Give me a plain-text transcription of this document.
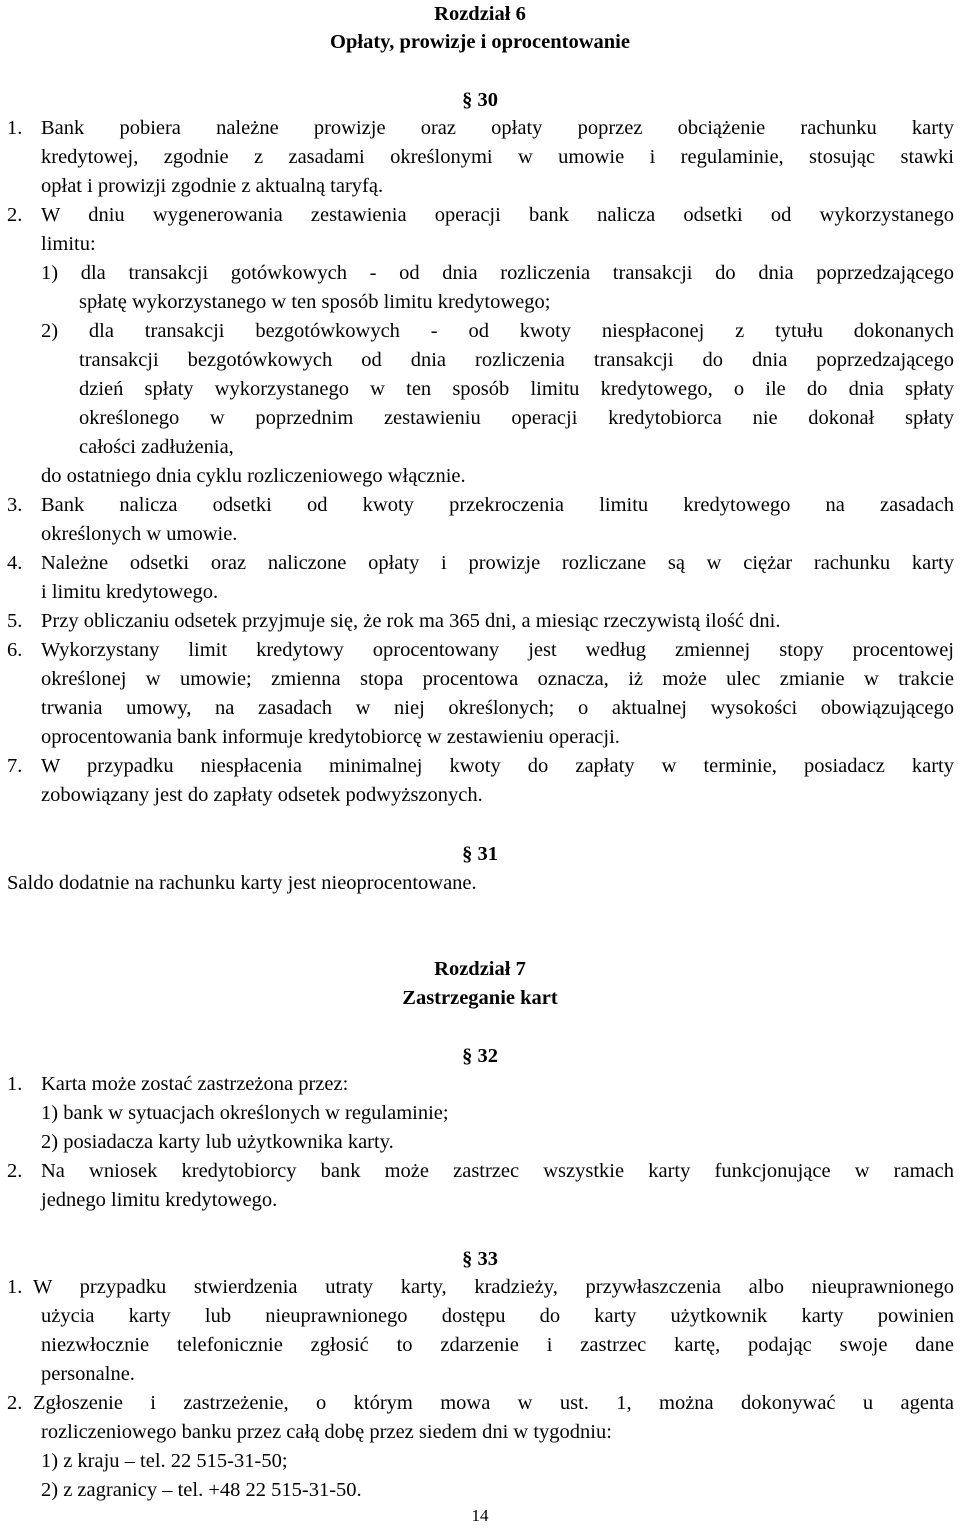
Rozdział 6
Opłaty, prowizje i oprocentowanie
§ 30
1. Bank pobiera należne prowizje oraz opłaty poprzez obciążenie rachunku karty
kredytowej, zgodnie z zasadami określonymi w umowie i regulaminie, stosując stawki
opłat i prowizji zgodnie z aktualną taryfą.
2. W dniu wygenerowania zestawienia operacji bank nalicza odsetki od wykorzystanego
limitu:
1) dla transakcji gotówkowych - od dnia rozliczenia transakcji do dnia poprzedzającego
spłatę wykorzystanego w ten sposób limitu kredytowego;
2) dla transakcji bezgotówkowych - od kwoty niespłaconej z tytułu dokonanych
transakcji bezgotówkowych od dnia rozliczenia transakcji do dnia poprzedzającego
dzień spłaty wykorzystanego w ten sposób limitu kredytowego, o ile do dnia spłaty
określonego w poprzednim zestawieniu operacji kredytobiorca nie dokonał spłaty
całości zadłużenia,
do ostatniego dnia cyklu rozliczeniowego włącznie.
3. Bank nalicza odsetki od kwoty przekroczenia limitu kredytowego na zasadach
określonych w umowie.
4. Należne odsetki oraz naliczone opłaty i prowizje rozliczane są w ciężar rachunku karty
i limitu kredytowego.
5. Przy obliczaniu odsetek przyjmuje się, że rok ma 365 dni, a miesiąc rzeczywistą ilość dni.
6. Wykorzystany limit kredytowy oprocentowany jest według zmiennej stopy procentowej
określonej w umowie; zmienna stopa procentowa oznacza, iż może ulec zmianie w trakcie
trwania umowy, na zasadach w niej określonych; o aktualnej wysokości obowiązującego
oprocentowania bank informuje kredytobiorcę w zestawieniu operacji.
7. W przypadku niespłacenia minimalnej kwoty do zapłaty w terminie, posiadacz karty
zobowiązany jest do zapłaty odsetek podwyższonych.
§ 31
Saldo dodatnie na rachunku karty jest nieoprocentowane.
Rozdział 7
Zastrzeganie kart
§ 32
1. Karta może zostać zastrzeżona przez:
1) bank w sytuacjach określonych w regulaminie;
2) posiadacza karty lub użytkownika karty.
2. Na wniosek kredytobiorcy bank może zastrzec wszystkie karty funkcjonujące w ramach
jednego limitu kredytowego.
§ 33
1. W przypadku stwierdzenia utraty karty, kradzieży, przywłaszczenia albo nieuprawnionego
użycia karty lub nieuprawnionego dostępu do karty użytkownik karty powinien
niezwłocznie telefonicznie zgłosić to zdarzenie i zastrzec kartę, podając swoje dane
personalne.
2. Zgłoszenie i zastrzeżenie, o którym mowa w ust. 1, można dokonywać u agenta
rozliczeniowego banku przez całą dobę przez siedem dni w tygodniu:
1) z kraju – tel. 22 515-31-50;
2) z zagranicy – tel. +48 22 515-31-50.
14
